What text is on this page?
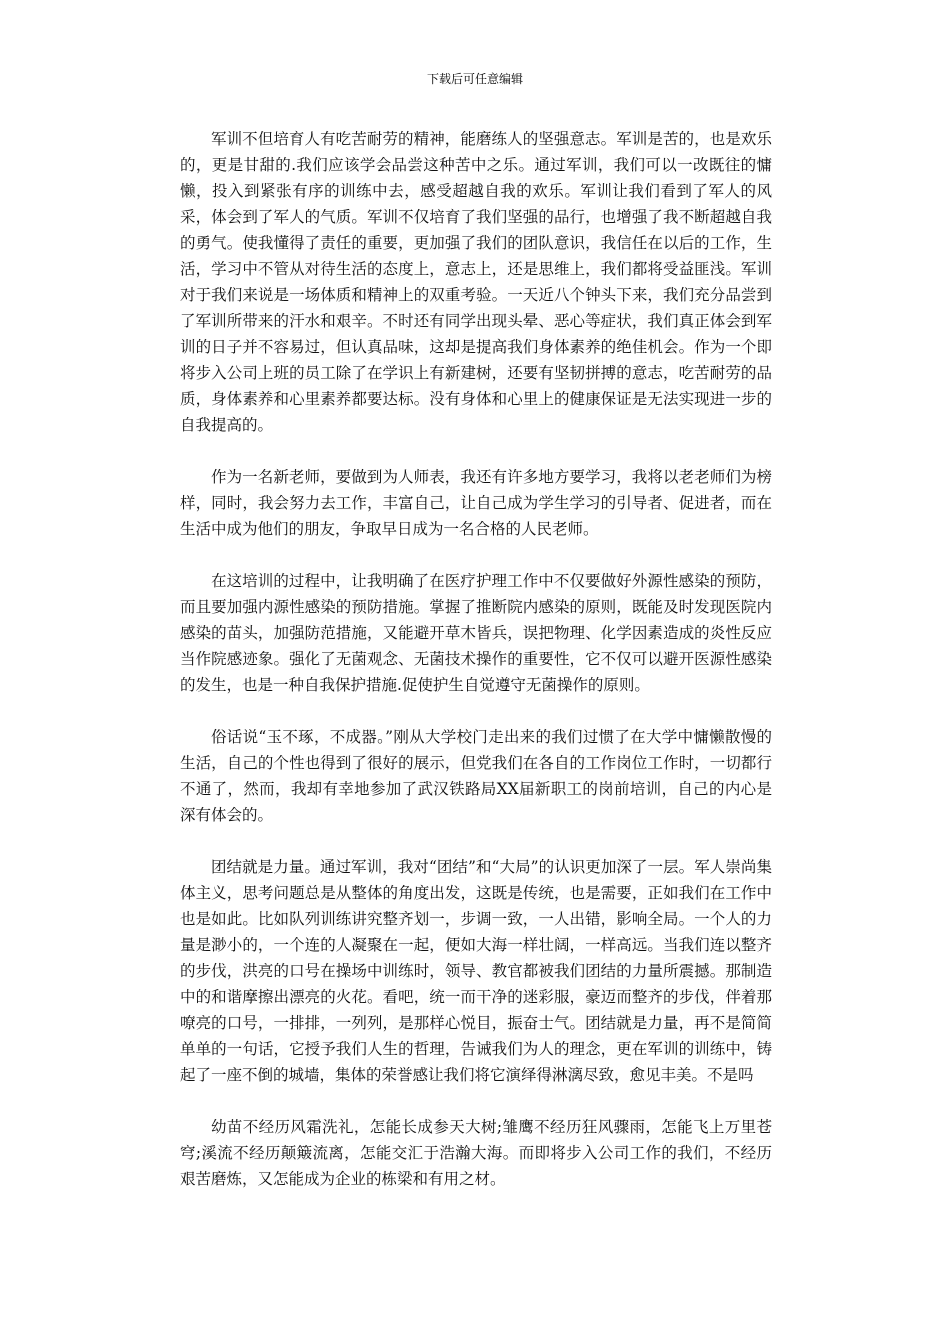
下载后可任意编辑

军训不但培育人有吃苦耐劳的精神，能磨练人的坚强意志。军训是苦的，也是欢乐的，更是甘甜的.我们应该学会品尝这种苦中之乐。通过军训，我们可以一改既往的慵懒，投入到紧张有序的训练中去，感受超越自我的欢乐。军训让我们看到了军人的风采，体会到了军人的气质。军训不仅培育了我们坚强的品行，也增强了我不断超越自我的勇气。使我懂得了责任的重要，更加强了我们的团队意识，我信任在以后的工作，生活，学习中不管从对待生活的态度上，意志上，还是思维上，我们都将受益匪浅。军训对于我们来说是一场体质和精神上的双重考验。一天近八个钟头下来，我们充分品尝到了军训所带来的汗水和艰辛。不时还有同学出现头晕、恶心等症状，我们真正体会到军训的日子并不容易过，但认真品味，这却是提高我们身体素养的绝佳机会。作为一个即将步入公司上班的员工除了在学识上有新建树，还要有坚韧拼搏的意志，吃苦耐劳的品质，身体素养和心里素养都要达标。没有身体和心里上的健康保证是无法实现进一步的自我提高的。

作为一名新老师，要做到为人师表，我还有许多地方要学习，我将以老老师们为榜样，同时，我会努力去工作，丰富自己，让自己成为学生学习的引导者、促进者，而在生活中成为他们的朋友，争取早日成为一名合格的人民老师。

在这培训的过程中，让我明确了在医疗护理工作中不仅要做好外源性感染的预防，而且要加强内源性感染的预防措施。掌握了推断院内感染的原则，既能及时发现医院内感染的苗头，加强防范措施，又能避开草木皆兵，误把物理、化学因素造成的炎性反应当作院感迹象。强化了无菌观念、无菌技术操作的重要性，它不仅可以避开医源性感染的发生，也是一种自我保护措施.促使护生自觉遵守无菌操作的原则。

俗话说“玉不琢，不成器。”刚从大学校门走出来的我们过惯了在大学中慵懒散慢的生活，自己的个性也得到了很好的展示，但党我们在各自的工作岗位工作时，一切都行不通了，然而，我却有幸地参加了武汉铁路局XX届新职工的岗前培训，自己的内心是深有体会的。

团结就是力量。通过军训，我对“团结”和“大局”的认识更加深了一层。军人崇尚集体主义，思考问题总是从整体的角度出发，这既是传统，也是需要，正如我们在工作中也是如此。比如队列训练讲究整齐划一，步调一致，一人出错，影响全局。一个人的力量是渺小的，一个连的人凝聚在一起，便如大海一样壮阔，一样高远。当我们连以整齐的步伐，洪亮的口号在操场中训练时，领导、教官都被我们团结的力量所震撼。那制造中的和谐摩擦出漂亮的火花。看吧，统一而干净的迷彩服，豪迈而整齐的步伐，伴着那嘹亮的口号，一排排，一列列，是那样心悦目，振奋士气。团结就是力量，再不是简简单单的一句话，它授予我们人生的哲理，告诫我们为人的理念，更在军训的训练中，铸起了一座不倒的城墙，集体的荣誉感让我们将它演绎得淋漓尽致，愈见丰美。不是吗

幼苗不经历风霜洗礼，怎能长成参天大树;雏鹰不经历狂风骤雨，怎能飞上万里苍穹;溪流不经历颠簸流离，怎能交汇于浩瀚大海。而即将步入公司工作的我们，不经历艰苦磨炼，又怎能成为企业的栋梁和有用之材。
